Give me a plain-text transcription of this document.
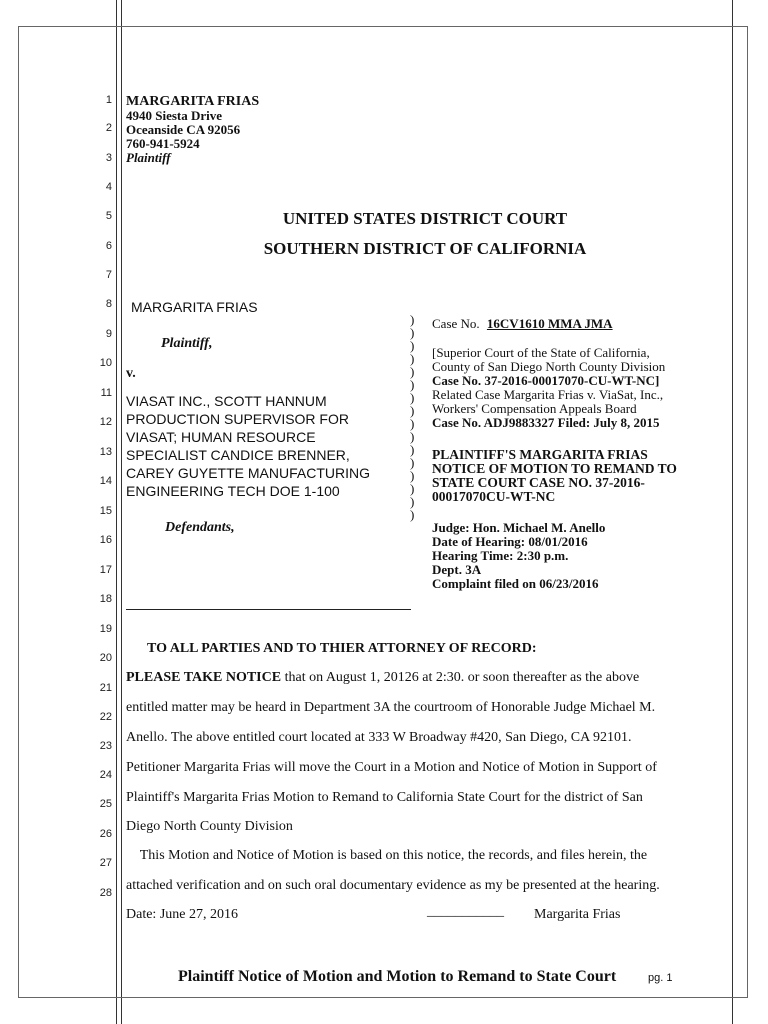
1
2
3
4
5
6
7
8
9
10
11
12
13
14
15
16
17
18
19
20
21
22
23
24
25
26
27
28
MARGARITA FRIAS
4940 Siesta Drive
Oceanside CA 92056
760-941-5924
Plaintiff
UNITED STATES DISTRICT COURT
SOUTHERN DISTRICT OF CALIFORNIA
MARGARITA FRIAS
Plaintiff,
v.
VIASAT INC., SCOTT HANNUM
PRODUCTION SUPERVISOR FOR
VIASAT; HUMAN RESOURCE
SPECIALIST CANDICE BRENNER,
CAREY GUYETTE MANUFACTURING
ENGINEERING TECH DOE 1-100
Defendants,
)
)
)
)
)
)
)
)
)
)
)
)
)
)
)
)
Case No. 16CV1610 MMA JMA
[Superior Court of the State of California,
County of San Diego North County Division
Case No. 37-2016-00017070-CU-WT-NC]
Related Case Margarita Frias v. ViaSat, Inc.,
Workers' Compensation Appeals Board
Case No. ADJ9883327 Filed: July 8, 2015
PLAINTIFF'S MARGARITA FRIAS
NOTICE OF MOTION TO REMAND TO
STATE COURT CASE NO. 37-2016-
00017070CU-WT-NC
Judge: Hon. Michael M. Anello
Date of Hearing: 08/01/2016
Hearing Time: 2:30 p.m.
Dept. 3A
Complaint filed on 06/23/2016
TO ALL PARTIES AND TO THIER ATTORNEY OF RECORD:
PLEASE TAKE NOTICE that on August 1, 20126 at 2:30. or soon thereafter as the above
entitled matter may be heard in Department 3A the courtroom of Honorable Judge Michael M.
Anello. The above entitled court located at 333 W Broadway #420, San Diego, CA 92101.
Petitioner Margarita Frias will move the Court in a Motion and Notice of Motion in Support of
Plaintiff's Margarita Frias Motion to Remand to California State Court for the district of San
Diego North County Division
This Motion and Notice of Motion is based on this notice, the records, and files herein, the
attached verification and on such oral documentary evidence as my be presented at the hearing.
Date: June 27, 2016	___________ Margarita Frias
Plaintiff Notice of Motion and Motion to Remand to State Court	pg. 1
